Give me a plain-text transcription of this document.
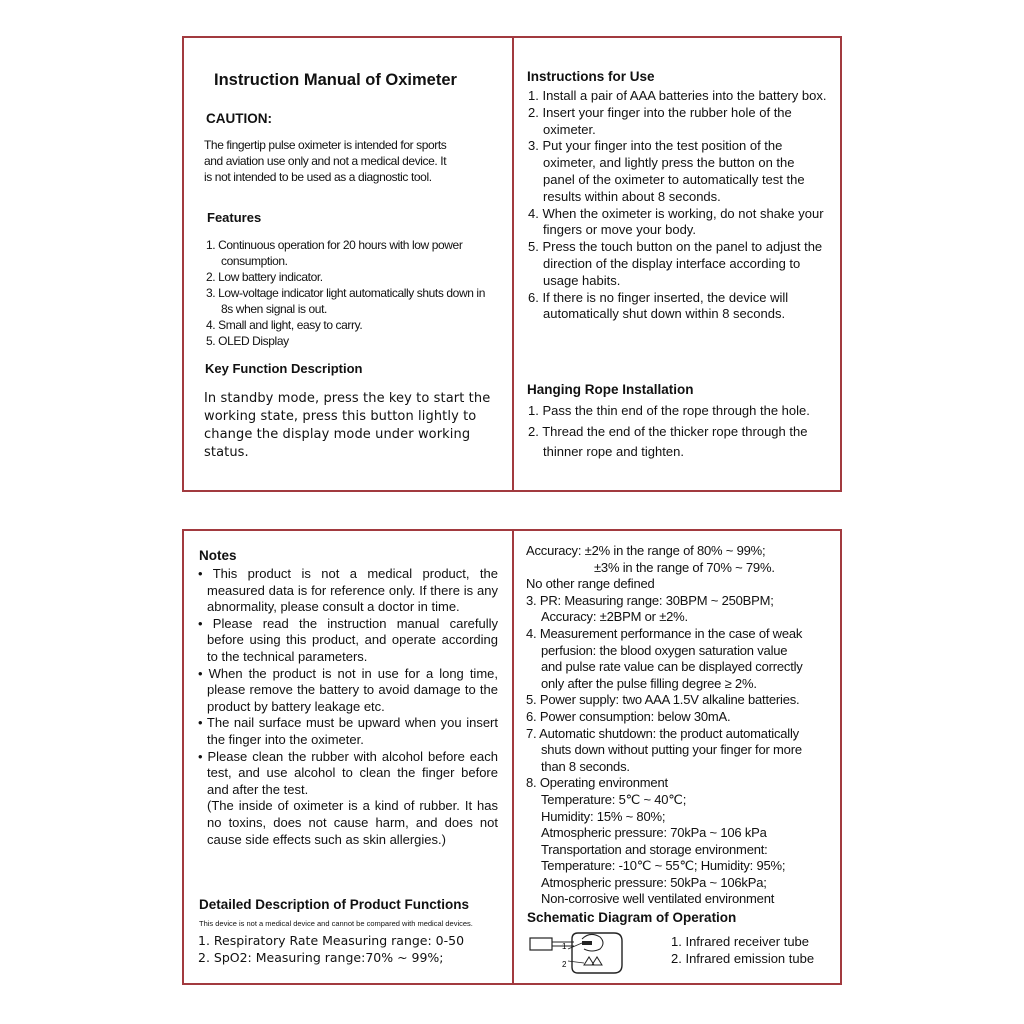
Instruction Manual of Oximeter
CAUTION:
The fingertip pulse oximeter is intended for sports
and aviation use only and not a medical device. It
is not intended to be used as a diagnostic tool.
Features
1. Continuous operation for 20 hours with low power consumption.
2. Low battery indicator.
3. Low-voltage indicator light automatically shuts down in 8s when signal is out.
4. Small and light, easy to carry.
5. OLED Display
Key Function Description
In standby mode, press the key to start the
working state, press this button lightly to
change the display mode under working
status.
Instructions for Use
1. Install a pair of AAA batteries into the battery box.
2. Insert your finger into the rubber hole of the oximeter.
3. Put your finger into the test position of the oximeter, and lightly press the button on the panel of the oximeter to automatically test the results within about 8 seconds.
4. When the oximeter is working, do not shake your fingers or move your body.
5. Press the touch button on the panel to adjust the direction of the display interface according to usage habits.
6. If there is no finger inserted, the device will automatically shut down within 8 seconds.
Hanging Rope Installation
1. Pass the thin end of the rope through the hole.
2. Thread the end of the thicker rope through the thinner rope and tighten.
Notes
• This product is not a medical product, the measured data is for reference only. If there is any abnormality, please consult a doctor in time.
• Please read the instruction manual carefully before using this product, and operate according to the technical parameters.
• When the product is not in use for a long time, please remove the battery to avoid damage to the product by battery leakage etc.
• The nail surface must be upward when you insert the finger into the oximeter.
• Please clean the rubber with alcohol before each test, and use alcohol to clean the finger before and after the test.
(The inside of oximeter is a kind of rubber. It has no toxins, does not cause harm, and does not cause side effects such as skin allergies.)
Detailed Description of Product Functions
This device is not a medical device and cannot be compared with medical devices.
1. Respiratory Rate Measuring range: 0-50
2. SpO2: Measuring range:70% ~ 99%;
Accuracy: ±2% in the range of 80% ~ 99%;
±3% in the range of 70% ~ 79%.
No other range defined
3. PR: Measuring range: 30BPM ~ 250BPM;
Accuracy: ±2BPM or ±2%.
4. Measurement performance in the case of weak
perfusion: the blood oxygen saturation value
and pulse rate value can be displayed correctly
only after the pulse filling degree ≥ 2%.
5. Power supply: two AAA 1.5V alkaline batteries.
6. Power consumption: below 30mA.
7. Automatic shutdown: the product automatically
shuts down without putting your finger for more
than 8 seconds.
8. Operating environment
Temperature: 5℃ ~ 40℃;
Humidity: 15% ~ 80%;
Atmospheric pressure: 70kPa ~ 106 kPa
Transportation and storage environment:
Temperature: -10℃ ~ 55℃; Humidity: 95%;
Atmospheric pressure: 50kPa ~ 106kPa;
Non-corrosive well ventilated environment
Schematic Diagram of Operation
1
2
1. Infrared receiver tube
2. Infrared emission tube
